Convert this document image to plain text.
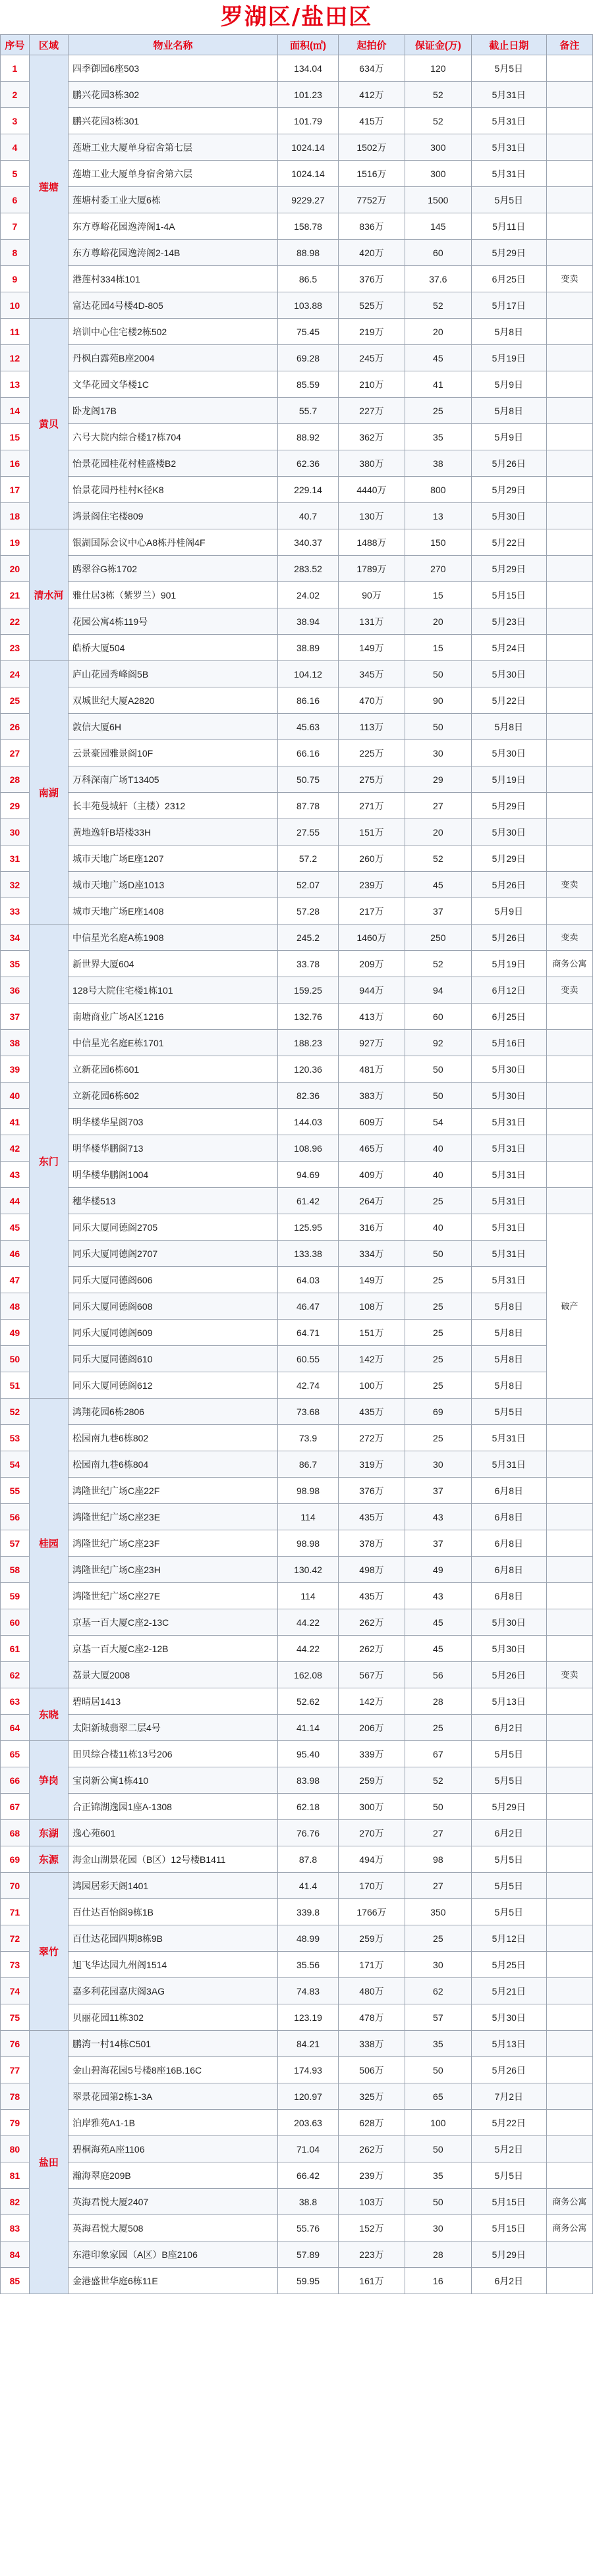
罗湖区/盐田区
序号	区域	物业名称	面积(㎡)	起拍价	保证金(万)	截止日期	备注
1	莲塘	四季御园6座503	134.04	634万	120	5月5日	
2		鹏兴花园3栋302	101.23	412万	52	5月31日	
3		鹏兴花园3栋301	101.79	415万	52	5月31日	
4		莲塘工业大厦单身宿舍第七层	1024.14	1502万	300	5月31日	
5		莲塘工业大厦单身宿舍第六层	1024.14	1516万	300	5月31日	
6		莲塘村委工业大厦6栋	9229.27	7752万	1500	5月5日	
7		东方尊峪花园逸涛阁1-4A	158.78	836万	145	5月11日	
8		东方尊峪花园逸涛阁2-14B	88.98	420万	60	5月29日	
9		港莲村334栋101	86.5	376万	37.6	6月25日	变卖
10		富达花园4号楼4D-805	103.88	525万	52	5月17日	
11	黄贝	培训中心住宅楼2栋502	75.45	219万	20	5月8日	
12		丹枫白露苑B座2004	69.28	245万	45	5月19日	
13		文华花园文华楼1C	85.59	210万	41	5月9日	
14		卧龙阁17B	55.7	227万	25	5月8日	
15		六号大院内综合楼17栋704	88.92	362万	35	5月9日	
16		怡景花园桂花村桂盛楼B2	62.36	380万	38	5月26日	
17		怡景花园丹桂村K径K8	229.14	4440万	800	5月29日	
18		鸿景阁住宅楼809	40.7	130万	13	5月30日	
19	清水河	银湖国际会议中心A8栋丹桂阁4F	340.37	1488万	150	5月22日	
20		鸥翠谷G栋1702	283.52	1789万	270	5月29日	
21		雅仕居3栋（紫罗兰）901	24.02	90万	15	5月15日	
22		花园公寓4栋119号	38.94	131万	20	5月23日	
23		皓桥大厦504	38.89	149万	15	5月24日	
24	南湖	庐山花园秀峰阁5B	104.12	345万	50	5月30日	
25		双城世纪大厦A2820	86.16	470万	90	5月22日	
26		敦信大厦6H	45.63	113万	50	5月8日	
27		云景豪园雅景阁10F	66.16	225万	30	5月30日	
28		万科深南广场T13405	50.75	275万	29	5月19日	
29		长丰苑曼城轩（主楼）2312	87.78	271万	27	5月29日	
30		黄地逸轩B塔楼33H	27.55	151万	20	5月30日	
31		城市天地广场E座1207	57.2	260万	52	5月29日	
32		城市天地广场D座1013	52.07	239万	45	5月26日	变卖
33		城市天地广场E座1408	57.28	217万	37	5月9日	
34	东门	中信星光名庭A栋1908	245.2	1460万	250	5月26日	变卖
35		新世界大厦604	33.78	209万	52	5月19日	商务公寓
36		128号大院住宅楼1栋101	159.25	944万	94	6月12日	变卖
37		南塘商业广场A区1216	132.76	413万	60	6月25日	
38		中信星光名庭E栋1701	188.23	927万	92	5月16日	
39		立新花园6栋601	120.36	481万	50	5月30日	
40		立新花园6栋602	82.36	383万	50	5月30日	
41		明华楼华星阁703	144.03	609万	54	5月31日	
42		明华楼华鹏阁713	108.96	465万	40	5月31日	
43		明华楼华鹏阁1004	94.69	409万	40	5月31日	
44		穗华楼513	61.42	264万	25	5月31日	
45		同乐大厦同德阁2705	125.95	316万	40	5月31日	破产
46		同乐大厦同德阁2707	133.38	334万	50	5月31日	
47		同乐大厦同德阁606	64.03	149万	25	5月31日	
48		同乐大厦同德阁608	46.47	108万	25	5月8日	
49		同乐大厦同德阁609	64.71	151万	25	5月8日	
50		同乐大厦同德阁610	60.55	142万	25	5月8日	
51		同乐大厦同德阁612	42.74	100万	25	5月8日	
52	桂园	鸿翔花园6栋2806	73.68	435万	69	5月5日	
53		松园南九巷6栋802	73.9	272万	25	5月31日	
54		松园南九巷6栋804	86.7	319万	30	5月31日	
55		鸿隆世纪广场C座22F	98.98	376万	37	6月8日	
56		鸿隆世纪广场C座23E	114	435万	43	6月8日	
57		鸿隆世纪广场C座23F	98.98	378万	37	6月8日	
58		鸿隆世纪广场C座23H	130.42	498万	49	6月8日	
59		鸿隆世纪广场C座27E	114	435万	43	6月8日	
60		京基一百大厦C座2-13C	44.22	262万	45	5月30日	
61		京基一百大厦C座2-12B	44.22	262万	45	5月30日	
62		荔景大厦2008	162.08	567万	56	5月26日	变卖
63	东晓	碧晴居1413	52.62	142万	28	5月13日	
64		太阳新城翡翠二层4号	41.14	206万	25	6月2日	
65	笋岗	田贝综合楼11栋13号206	95.40	339万	67	5月5日	
66		宝岗新公寓1栋410	83.98	259万	52	5月5日	
67		合正锦湖逸园1座A-1308	62.18	300万	50	5月29日	
68	东湖	逸心苑601	76.76	270万	27	6月2日	
69	东源	海金山湖景花园（B区）12号楼B1411	87.8	494万	98	5月5日	
70	翠竹	鸿园居彩天阁1401	41.4	170万	27	5月5日	
71		百仕达百怡阁9栋1B	339.8	1766万	350	5月5日	
72		百仕达花园四期8栋9B	48.99	259万	25	5月12日	
73		旭飞华达园九州阁1514	35.56	171万	30	5月25日	
74		嘉多利花园嘉庆阁3AG	74.83	480万	62	5月21日	
75		贝丽花园11栋302	123.19	478万	57	5月30日	
76	盐田	鹏湾一村14栋C501	84.21	338万	35	5月13日	
77		金山碧海花园5号楼8座16B.16C	174.93	506万	50	5月26日	
78		翠景花园第2栋1-3A	120.97	325万	65	7月2日	
79		泊岸雅苑A1-1B	203.63	628万	100	5月22日	
80		碧桐海苑A座1106	71.04	262万	50	5月2日	
81		瀚海翠庭209B	66.42	239万	35	5月5日	
82		英海君悦大厦2407	38.8	103万	50	5月15日	商务公寓
83		英海君悦大厦508	55.76	152万	30	5月15日	商务公寓
84		东港印象家园（A区）B座2106	57.89	223万	28	5月29日	
85		金港盛世华庭6栋11E	59.95	161万	16	6月2日	
